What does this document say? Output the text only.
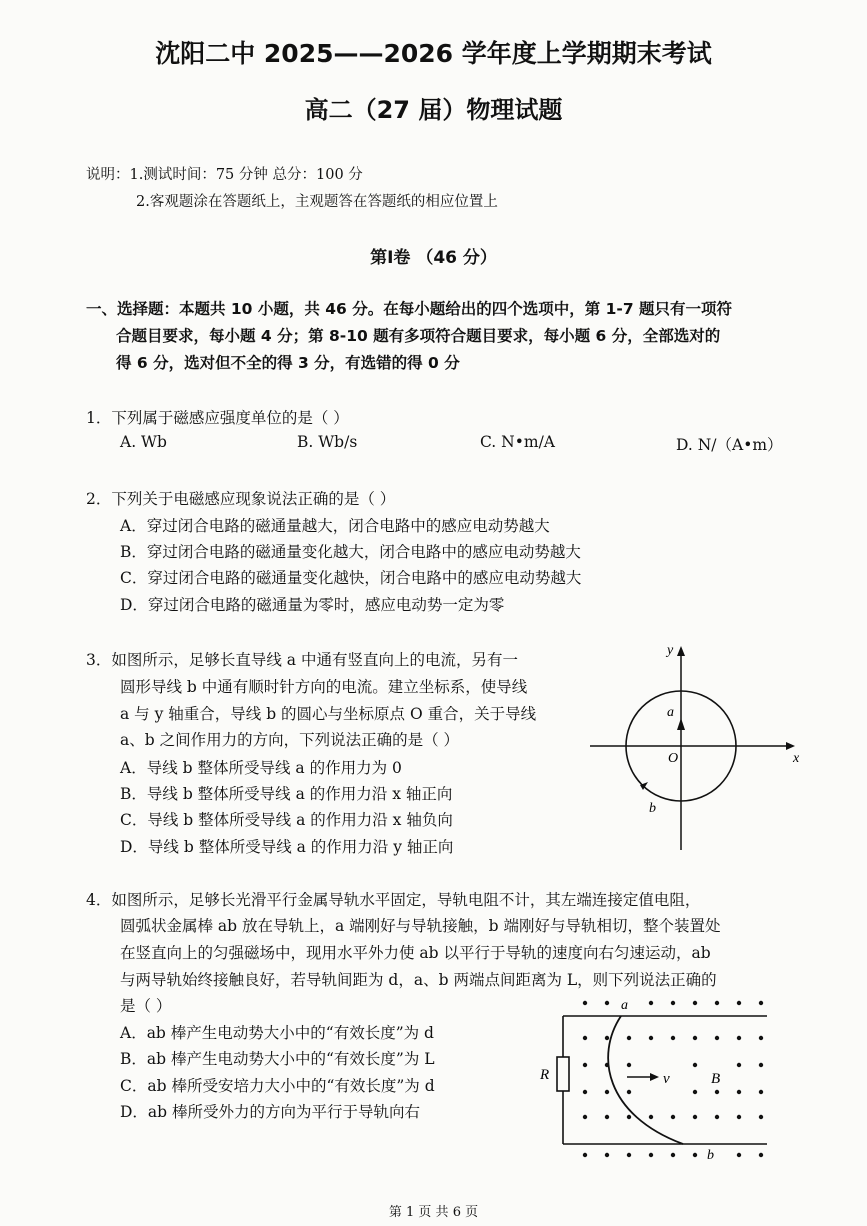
沈阳二中 2025——2026 学年度上学期期末考试
高二（27 届）物理试题
说明：1.测试时间：75 分钟 总分：100 分
2.客观题涂在答题纸上，主观题答在答题纸的相应位置上
第Ⅰ卷 （46 分）
一、选择题：本题共 10 小题，共 46 分。在每小题给出的四个选项中，第 1-7 题只有一项符
合题目要求，每小题 4 分；第 8-10 题有多项符合题目要求，每小题 6 分，全部选对的
得 6 分，选对但不全的得 3 分，有选错的得 0 分
1．下列属于磁感应强度单位的是（ ）
A. Wb	B. Wb/s	C. N•m/A	D. N/（A•m）
2．下列关于电磁感应现象说法正确的是（ ）
A．穿过闭合电路的磁通量越大，闭合电路中的感应电动势越大
B．穿过闭合电路的磁通量变化越大，闭合电路中的感应电动势越大
C．穿过闭合电路的磁通量变化越快，闭合电路中的感应电动势越大
D．穿过闭合电路的磁通量为零时，感应电动势一定为零
3．如图所示，足够长直导线 a 中通有竖直向上的电流，另有一
圆形导线 b 中通有顺时针方向的电流。建立坐标系，使导线
a 与 y 轴重合，导线 b 的圆心与坐标原点 O 重合，关于导线
a、b 之间作用力的方向，下列说法正确的是（ ）
A．导线 b 整体所受导线 a 的作用力为 0
B．导线 b 整体所受导线 a 的作用力沿 x 轴正向
C．导线 b 整体所受导线 a 的作用力沿 x 轴负向
D．导线 b 整体所受导线 a 的作用力沿 y 轴正向
y
x
O
a
b
4．如图所示，足够长光滑平行金属导轨水平固定，导轨电阻不计，其左端连接定值电阻，
圆弧状金属棒 ab 放在导轨上，a 端刚好与导轨接触，b 端刚好与导轨相切，整个装置处
在竖直向上的匀强磁场中，现用水平外力使 ab 以平行于导轨的速度向右匀速运动，ab
与两导轨始终接触良好，若导轨间距为 d，a、b 两端点间距离为 L，则下列说法正确的
是（ ）
A．ab 棒产生电动势大小中的“有效长度”为 d
B．ab 棒产生电动势大小中的“有效长度”为 L
C．ab 棒所受安培力大小中的“有效长度”为 d
D．ab 棒所受外力的方向为平行于导轨向右
a
b
R	v	B
第 1 页 共 6 页
